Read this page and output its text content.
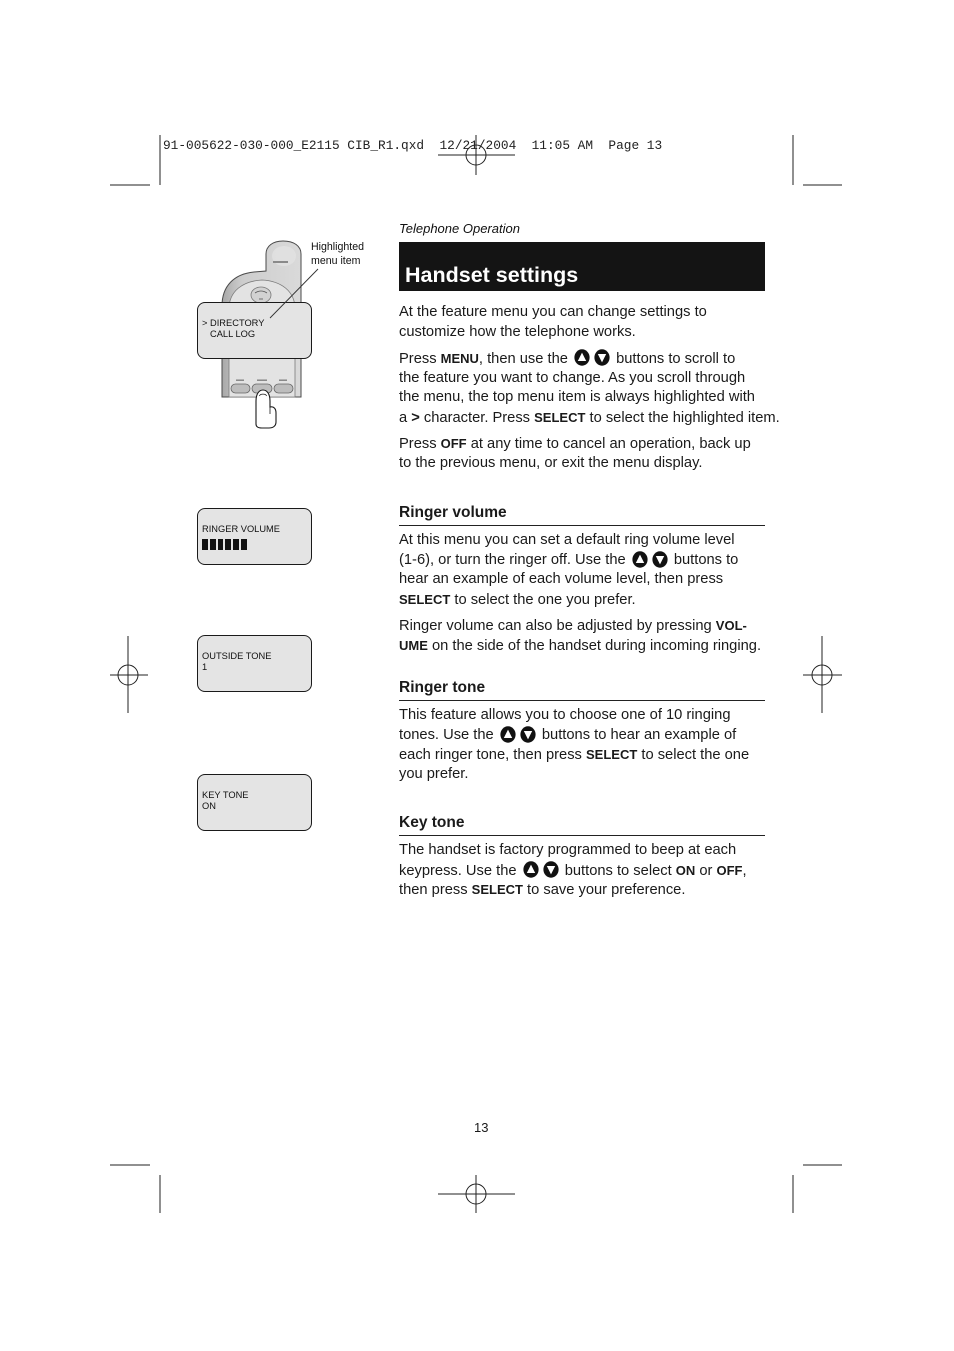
91-005622-030-000_E2115 CIB_R1.qxd  12/21/2004  11:05 AM  Page 13
Telephone Operation
Handset settings
At the feature menu you can change settings to
customize how the telephone works.
Press MENU , then use the	buttons to scroll to
the feature you want to change. As you scroll through
the menu, the top menu item is always highlighted with
a > character. Press SELECT to select the highlighted item.
Press OFF at any time to cancel an operation, back up
to the previous menu, or exit the menu display.
Ringer volume
At this menu you can set a default ring volume level
(1-6), or turn the ringer off. Use the	buttons to
hear an example of each volume level, then press
SELECT to select the one you prefer.
Ringer volume can also be adjusted by pressing VOL-
UME on the side of the handset during incoming ringing.
Ringer tone
This feature allows you to choose one of 10 ringing
tones. Use the	buttons to hear an example of
each ringer tone, then press SELECT to select the one
you prefer.
Key tone
The handset is factory programmed to beep at each
keypress. Use the	buttons to select ON or OFF ,
then press SELECT to save your preference.
Highlighted
menu item
> DIRECTORY
CALL LOG
RINGER VOLUME
OUTSIDE TONE
1
KEY TONE
ON
13
